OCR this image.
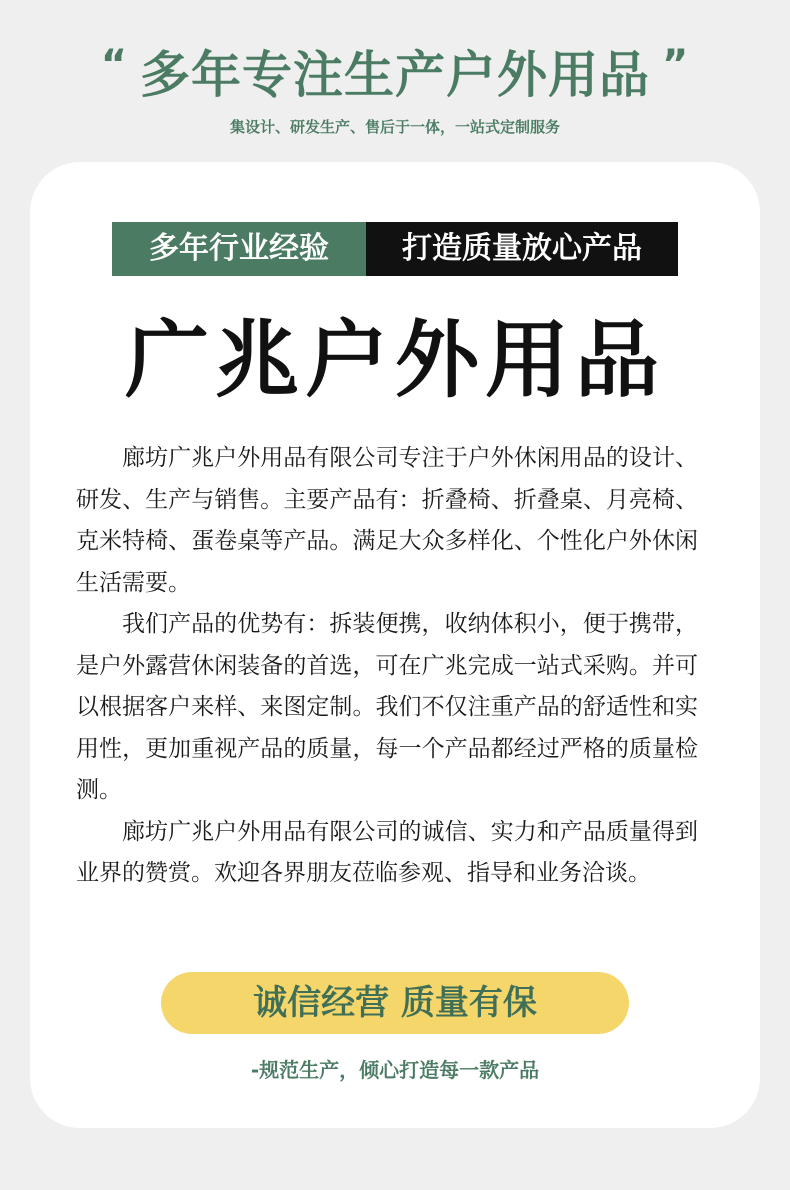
“ 多年专注生产户外用品 ”
集设计、研发生产、售后于一体，一站式定制服务
多年行业经验	打造质量放心产品
广兆户外用品

廊坊广兆户外用品有限公司专注于户外休闲用品的设计、研发、生产与销售。主要产品有：折叠椅、折叠桌、月亮椅、克米特椅、蛋卷桌等产品。满足大众多样化、个性化户外休闲生活需要。

我们产品的优势有：拆装便携，收纳体积小，便于携带，是户外露营休闲装备的首选，可在广兆完成一站式采购。并可以根据客户来样、来图定制。我们不仅注重产品的舒适性和实用性，更加重视产品的质量，每一个产品都经过严格的质量检测。

廊坊广兆户外用品有限公司的诚信、实力和产品质量得到业界的赞赏。欢迎各界朋友莅临参观、指导和业务洽谈。

诚信经营 质量有保
-规范生产，倾心打造每一款产品
